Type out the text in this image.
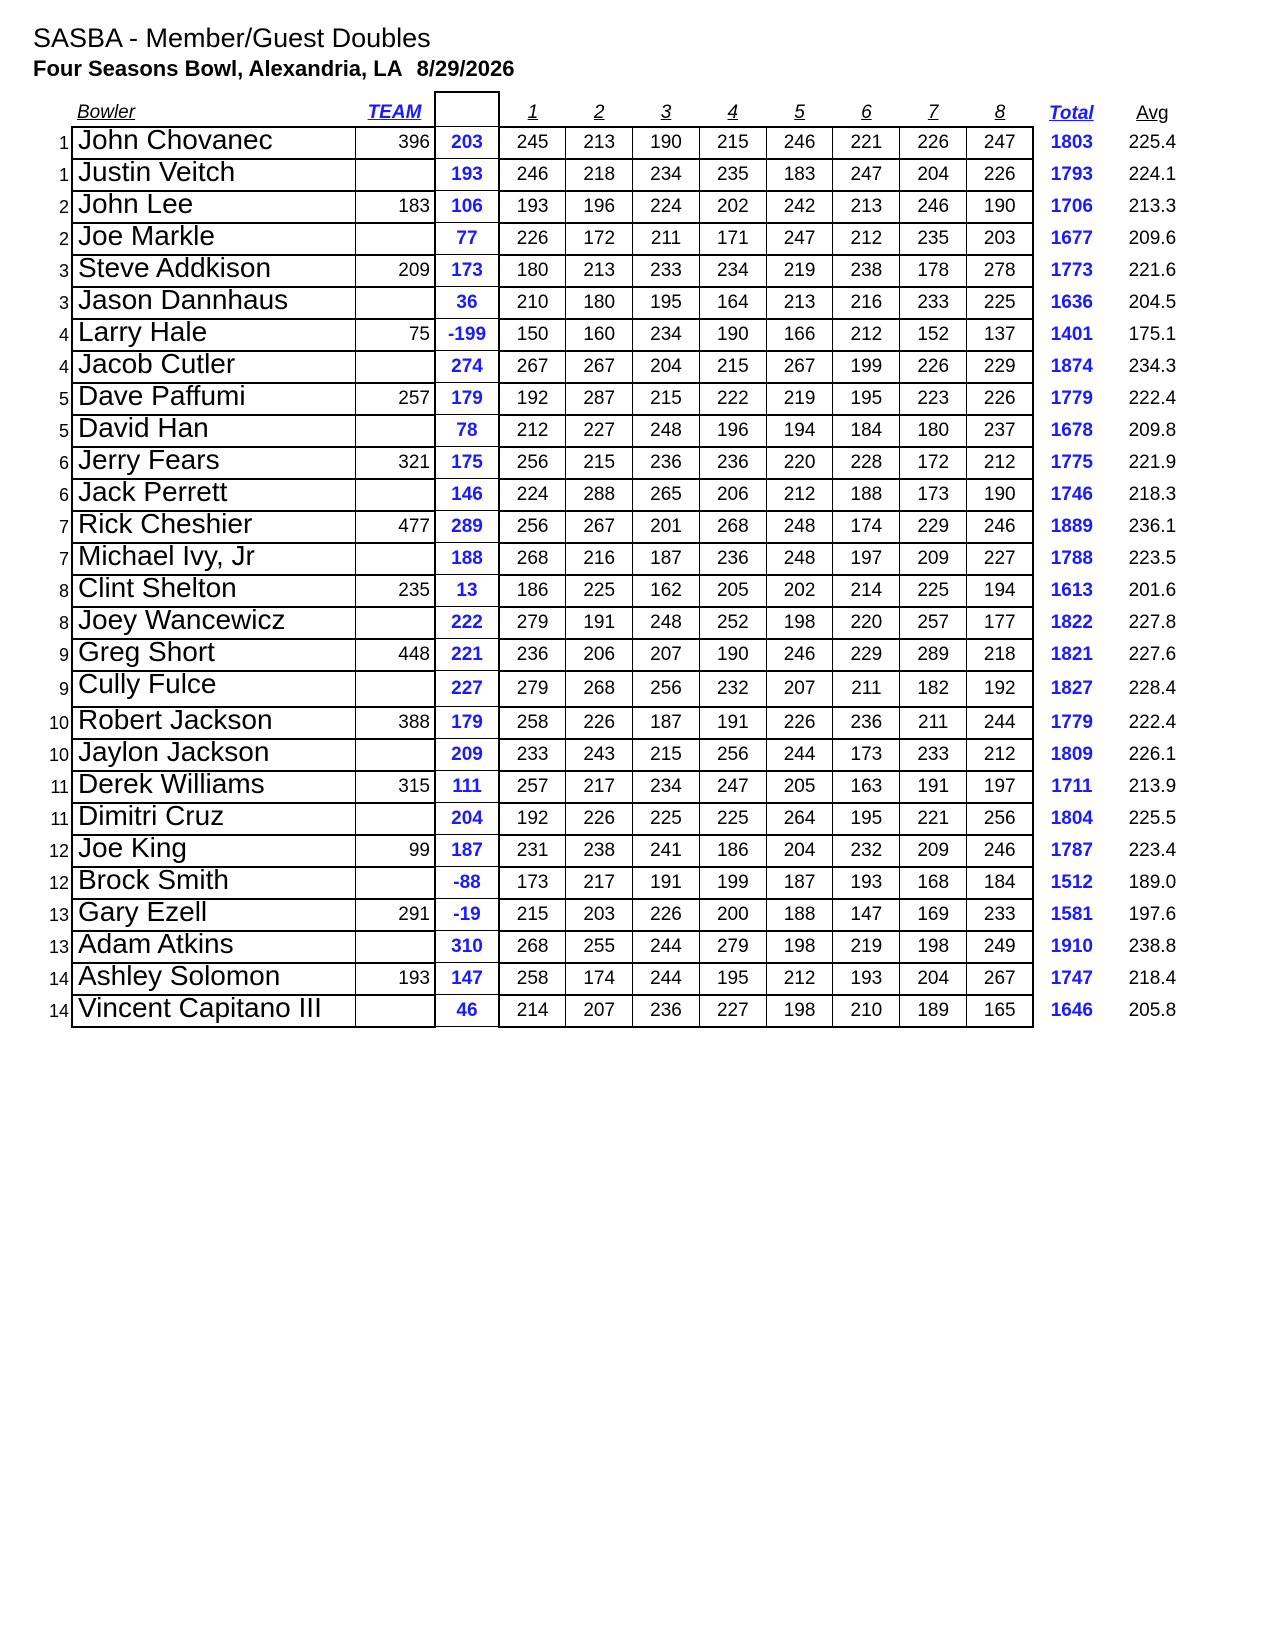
SASBA - Member/Guest Doubles
Four Seasons Bowl, Alexandria, LA 8/29/2026
	Bowler	TEAM		1	2	3	4	5	6	7	8	Total	Avg
1	John Chovanec	396	203	245	213	190	215	246	221	226	247	1803	225.4
1	Justin Veitch		193	246	218	234	235	183	247	204	226	1793	224.1
2	John Lee	183	106	193	196	224	202	242	213	246	190	1706	213.3
2	Joe Markle		77	226	172	211	171	247	212	235	203	1677	209.6
3	Steve Addkison	209	173	180	213	233	234	219	238	178	278	1773	221.6
3	Jason Dannhaus		36	210	180	195	164	213	216	233	225	1636	204.5
4	Larry Hale	75	-199	150	160	234	190	166	212	152	137	1401	175.1
4	Jacob Cutler		274	267	267	204	215	267	199	226	229	1874	234.3
5	Dave Paffumi	257	179	192	287	215	222	219	195	223	226	1779	222.4
5	David Han		78	212	227	248	196	194	184	180	237	1678	209.8
6	Jerry Fears	321	175	256	215	236	236	220	228	172	212	1775	221.9
6	Jack Perrett		146	224	288	265	206	212	188	173	190	1746	218.3
7	Rick Cheshier	477	289	256	267	201	268	248	174	229	246	1889	236.1
7	Michael Ivy, Jr		188	268	216	187	236	248	197	209	227	1788	223.5
8	Clint Shelton	235	13	186	225	162	205	202	214	225	194	1613	201.6
8	Joey Wancewicz		222	279	191	248	252	198	220	257	177	1822	227.8
9	Greg Short	448	221	236	206	207	190	246	229	289	218	1821	227.6
9	Cully Fulce		227	279	268	256	232	207	211	182	192	1827	228.4
10	Robert Jackson	388	179	258	226	187	191	226	236	211	244	1779	222.4
10	Jaylon Jackson		209	233	243	215	256	244	173	233	212	1809	226.1
11	Derek Williams	315	111	257	217	234	247	205	163	191	197	1711	213.9
11	Dimitri Cruz		204	192	226	225	225	264	195	221	256	1804	225.5
12	Joe King	99	187	231	238	241	186	204	232	209	246	1787	223.4
12	Brock Smith		-88	173	217	191	199	187	193	168	184	1512	189.0
13	Gary Ezell	291	-19	215	203	226	200	188	147	169	233	1581	197.6
13	Adam Atkins		310	268	255	244	279	198	219	198	249	1910	238.8
14	Ashley Solomon	193	147	258	174	244	195	212	193	204	267	1747	218.4
14	Vincent Capitano III		46	214	207	236	227	198	210	189	165	1646	205.8
